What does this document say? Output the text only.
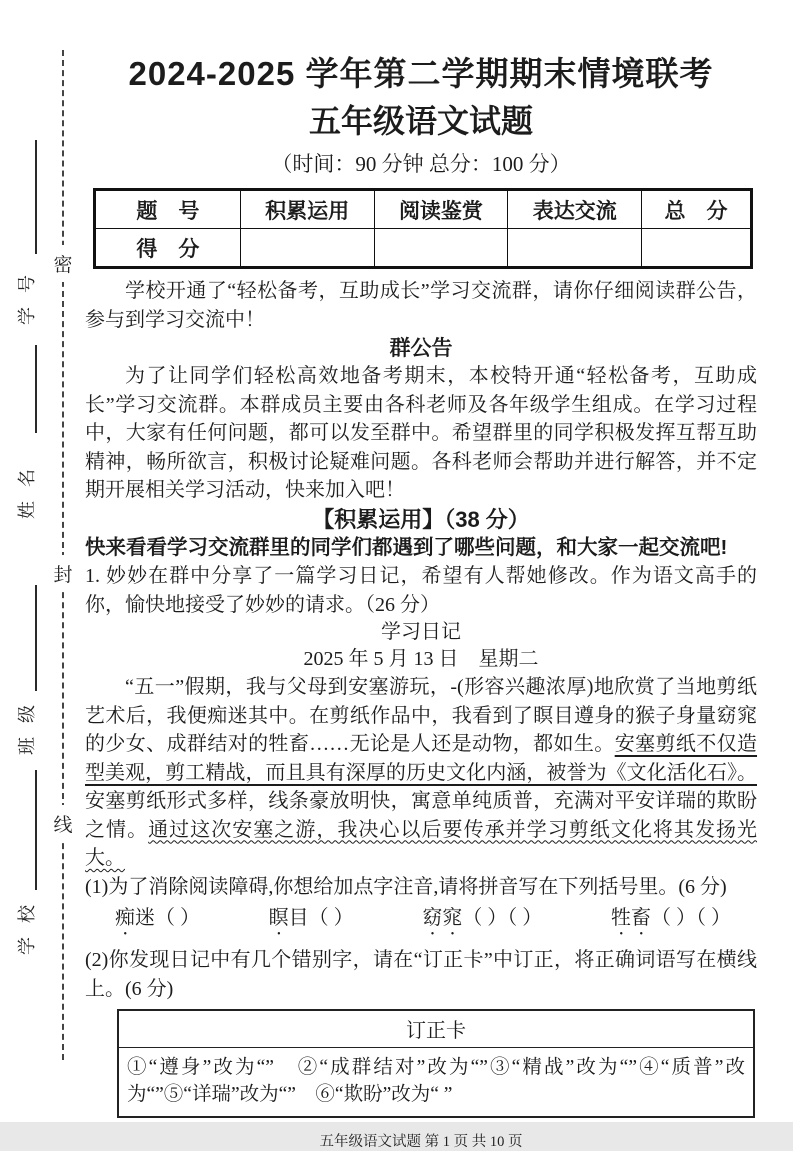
密
封
线
学号
姓名
班级
学校
2024-2025 学年第二学期期末情境联考
五年级语文试题
（时间：90 分钟 总分：100 分）
题　号	积累运用	阅读鉴赏	表达交流	总　分
得　分				

学校开通了“轻松备考，互助成长”学习交流群，请你仔细阅读群公告，参与到学习交流中！

群公告

为了让同学们轻松高效地备考期末，本校特开通“轻松备考，互助成长”学习交流群。本群成员主要由各科老师及各年级学生组成。在学习过程中，大家有任何问题，都可以发至群中。希望群里的同学积极发挥互帮互助精神，畅所欲言，积极讨论疑难问题。各科老师会帮助并进行解答，并不定期开展相关学习活动，快来加入吧！

【积累运用】（38 分）

快来看看学习交流群里的同学们都遇到了哪些问题，和大家一起交流吧!

1. 妙妙在群中分享了一篇学习日记，希望有人帮她修改。作为语文高手的你，愉快地接受了妙妙的请求。（26 分）

学习日记
2025 年 5 月 13 日　星期二

“五一”假期，我与父母到安塞游玩，-(形容兴趣浓厚)地欣赏了当地剪纸艺术后，我便痴迷其中。在剪纸作品中，我看到了瞑目遵身的猴子身量窈窕的少女、成群结对的牲畜……无论是人还是动物，都如生。安塞剪纸不仅造型美观，剪工精战，而且具有深厚的历史文化内涵，被誉为《文化活化石》。安塞剪纸形式多样，线条豪放明快，寓意单纯质普，充满对平安详瑞的欺盼之情。通过这次安塞之游，我决心以后要传承并学习剪纸文化将其发扬光大。

(1)为了消除阅读障碍,你想给加点字注音,请将拼音写在下列括号里。(6 分)

痴迷（ ）	瞑目（ ）	窈窕（ ）（ ）	牲畜（ ）（ ）

(2)你发现日记中有几个错别字，请在“订正卡”中订正，将正确词语写在横线上。(6 分)

订正卡
①“遵身”改为“”　②“成群结对”改为“”③“精战”改为“”④“质普”改为“”⑤“详瑞”改为“”　⑥“欺盼”改为“ ”
五年级语文试题 第 1 页 共 10 页
